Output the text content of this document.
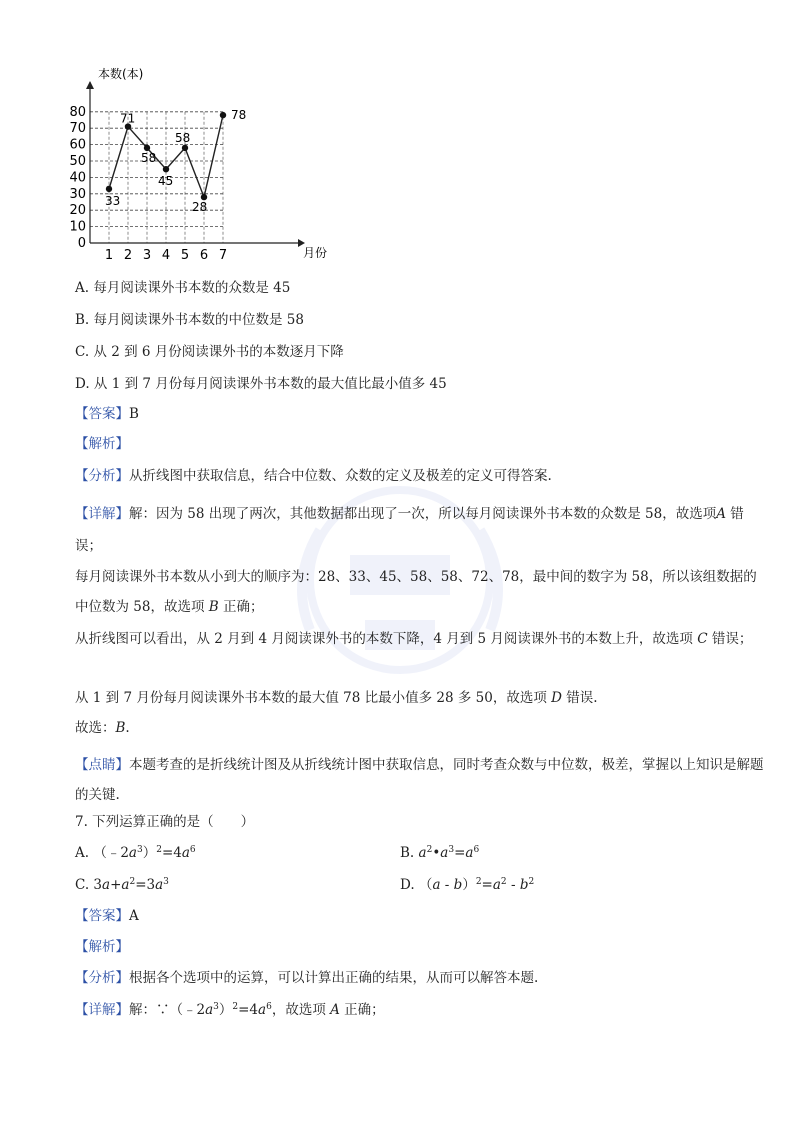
0
10
20
30
40
50
60
70
80
1 2 3 4 5 6 7
33
71
58
45
58
28
78
本数(本)
月份
A. 每月阅读课外书本数的众数是 45
B. 每月阅读课外书本数的中位数是 58
C. 从 2 到 6 月份阅读课外书的本数逐月下降
D. 从 1 到 7 月份每月阅读课外书本数的最大值比最小值多 45
【答案】B
【解析】
【分析】从折线图中获取信息，结合中位数、众数的定义及极差的定义可得答案.
【详解】解：因为 58 出现了两次，其他数据都出现了一次，所以每月阅读课外书本数的众数是 58，故选项A 错误；
每月阅读课外书本数从小到大的顺序为：28、33、45、58、58、72、78，最中间的数字为 58，所以该组数据的中位数为 58，故选项 B 正确；
从折线图可以看出，从 2 月到 4 月阅读课外书的本数下降，4 月到 5 月阅读课外书的本数上升，故选项 C 错误；
从 1 到 7 月份每月阅读课外书本数的最大值 78 比最小值多 28 多 50，故选项 D 错误.
故选：B.
【点睛】本题考查的是折线统计图及从折线统计图中获取信息，同时考查众数与中位数，极差，掌握以上知识是解题的关键.
7. 下列运算正确的是（　　）
A. $(﹣2a^3)^2=4a^6$	B. $a^2•a^3=a^6$
C. $3a+a^2=3a^3$	D. $(a - b)^2=a^2 - b^2$
【答案】A
【解析】
【分析】根据各个选项中的运算，可以计算出正确的结果，从而可以解答本题.
【详解】解：$\because(﹣2a^3)^2=4a^6$，故选项 A 正确；
